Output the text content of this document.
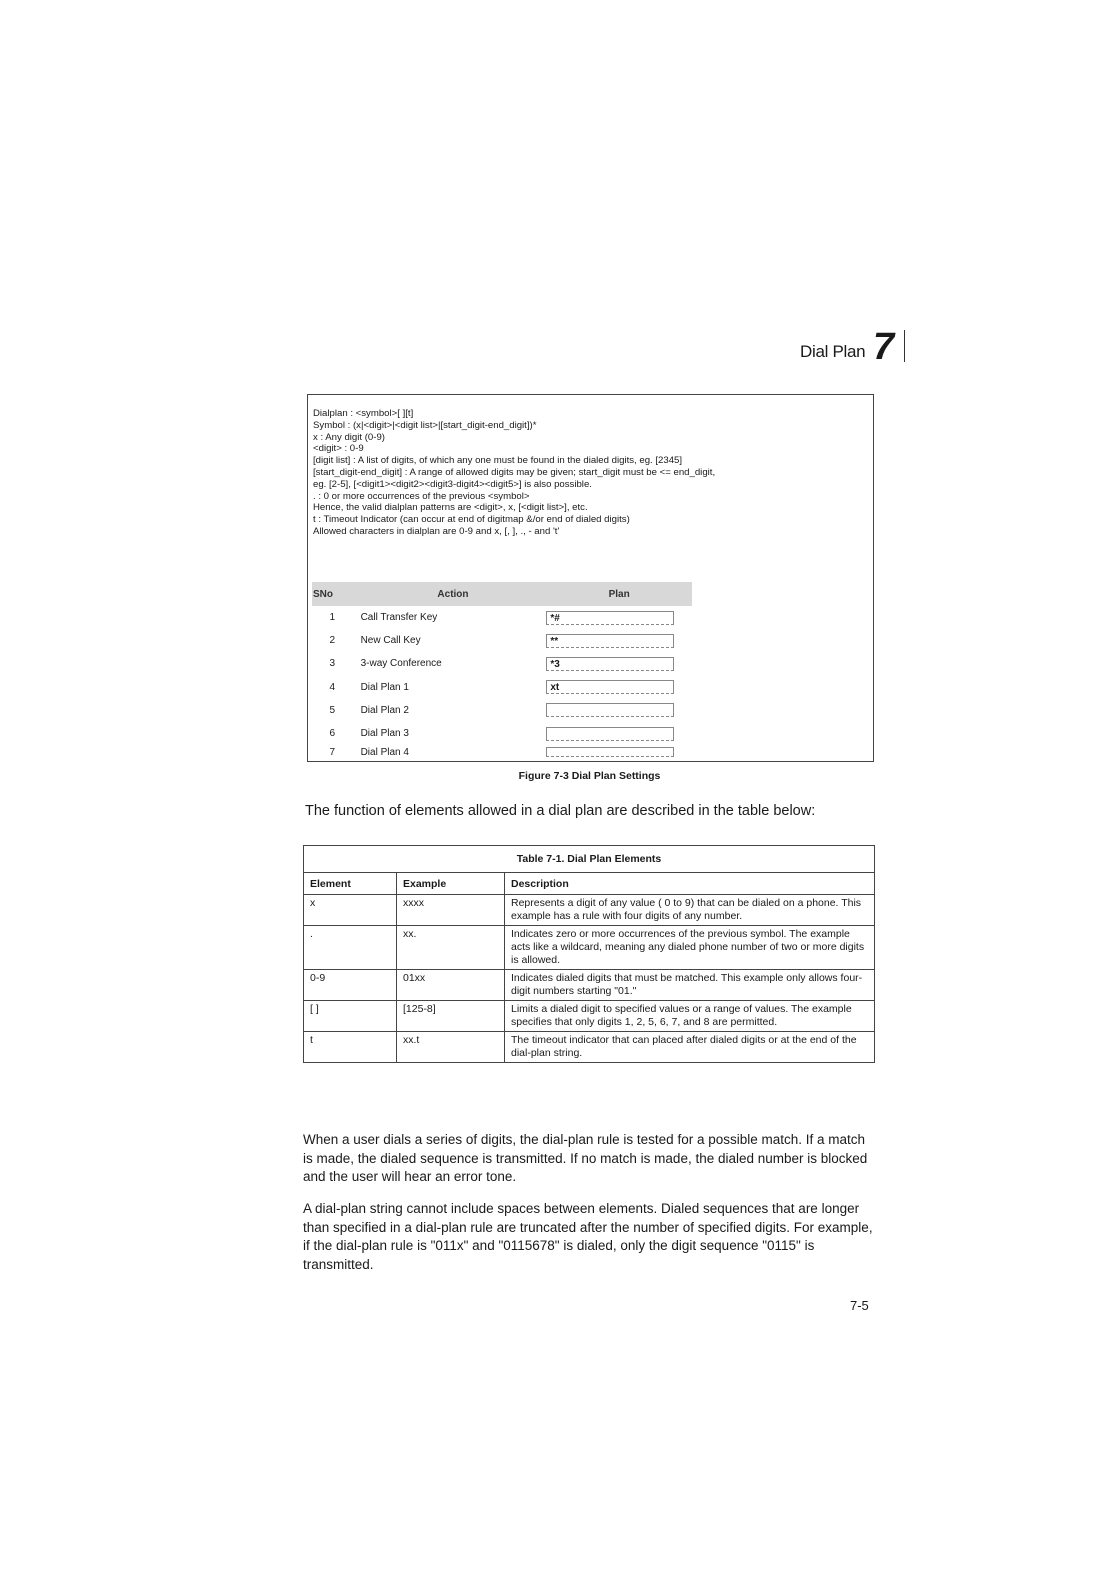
Dial Plan 7
Dialplan : <symbol>[ ][t]
Symbol : (x|<digit>|<digit list>|[start_digit-end_digit])*
x : Any digit (0-9)
<digit> : 0-9
[digit list] : A list of digits, of which any one must be found in the dialed digits, eg. [2345]
[start_digit-end_digit] : A range of allowed digits may be given; start_digit must be <= end_digit,
eg. [2-5], [<digit1><digit2><digit3-digit4><digit5>] is also possible.
. : 0 or more occurrences of the previous <symbol>
Hence, the valid dialplan patterns are <digit>, x, [<digit list>], etc.
t : Timeout Indicator (can occur at end of digitmap &/or end of dialed digits)
Allowed characters in dialplan are 0-9 and x, [, ], ., - and 't'
SNo	Action	Plan
1	Call Transfer Key	*#

2	New Call Key	**

3	3-way Conference	*3

4	Dial Plan 1	xt

5	Dial Plan 2	

6	Dial Plan 3	

7	Dial Plan 4	
Figure 7-3 Dial Plan Settings
The function of elements allowed in a dial plan are described in the table below:
Table 7-1. Dial Plan Elements		
Element	Example	Description
x	xxxx	Represents a digit of any value ( 0 to 9) that can be dialed on a phone. This example has a rule with four digits of any number.
.	xx.	Indicates zero or more occurrences of the previous symbol. The example acts like a wildcard, meaning any dialed phone number of two or more digits is allowed.
0-9	01xx	Indicates dialed digits that must be matched. This example only allows four-digit numbers starting "01."
[ ]	[125-8]	Limits a dialed digit to specified values or a range of values. The example specifies that only digits 1, 2, 5, 6, 7, and 8 are permitted.
t	xx.t	The timeout indicator that can placed after dialed digits or at the end of the dial-plan string.
When a user dials a series of digits, the dial-plan rule is tested for a possible match. If a match is made, the dialed sequence is transmitted. If no match is made, the dialed number is blocked and the user will hear an error tone.
A dial-plan string cannot include spaces between elements. Dialed sequences that are longer than specified in a dial-plan rule are truncated after the number of specified digits. For example, if the dial-plan rule is "011x" and "0115678" is dialed, only the digit sequence "0115" is transmitted.
7-5
